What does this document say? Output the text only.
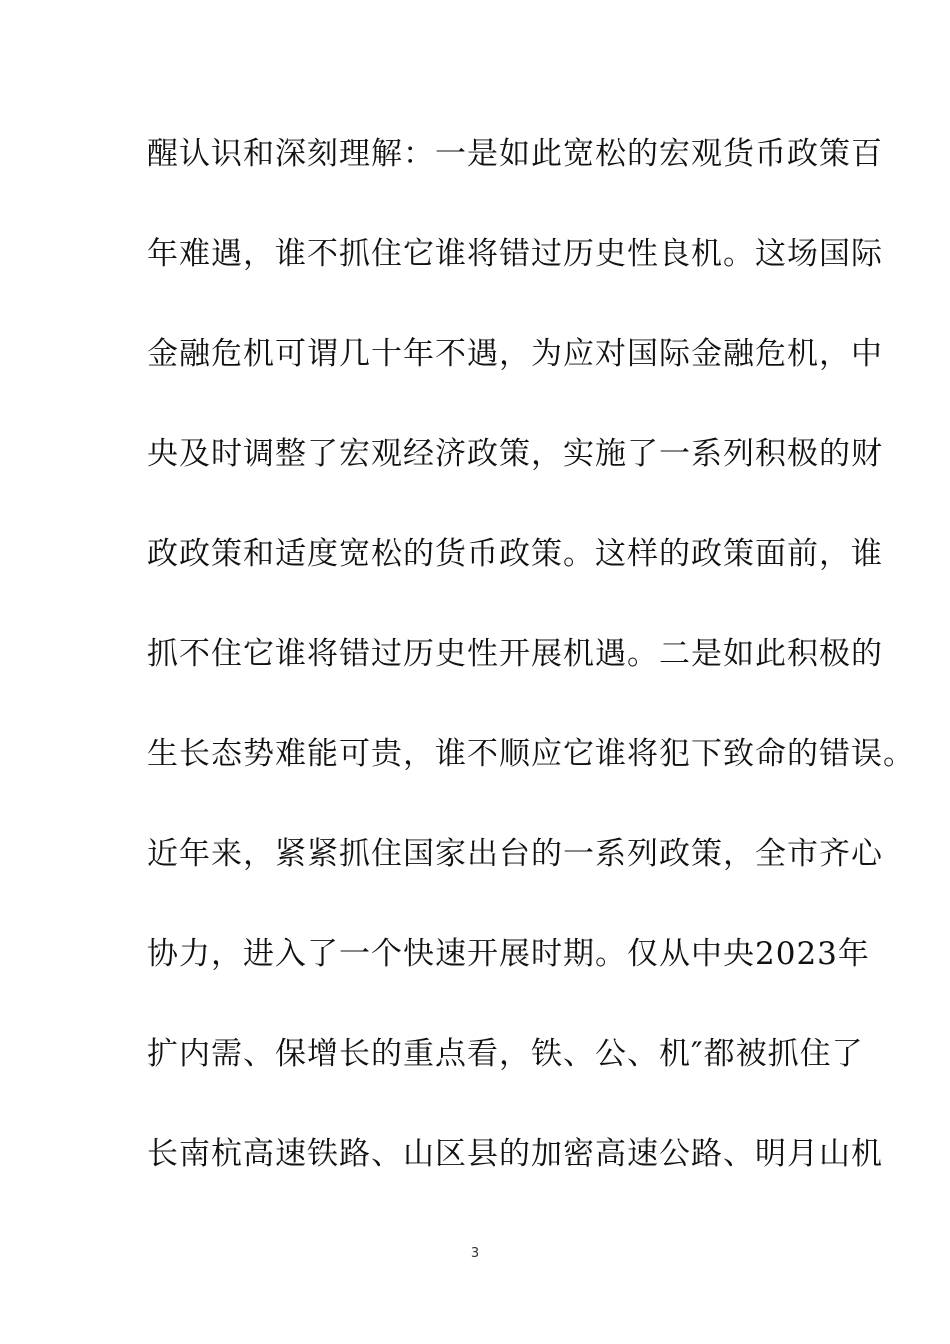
醒认识和深刻理解：一是如此宽松的宏观货币政策百
年难遇，谁不抓住它谁将错过历史性良机。这场国际
金融危机可谓几十年不遇，为应对国际金融危机，中
央及时调整了宏观经济政策，实施了一系列积极的财
政政策和适度宽松的货币政策。这样的政策面前，谁
抓不住它谁将错过历史性开展机遇。二是如此积极的
生长态势难能可贵，谁不顺应它谁将犯下致命的错误。
近年来，紧紧抓住国家出台的一系列政策，全市齐心
协力，进入了一个快速开展时期。仅从中央2023年
扩内需、保增长的重点看，铁、公、机″都被抓住了
长南杭高速铁路、山区县的加密高速公路、明月山机
3
